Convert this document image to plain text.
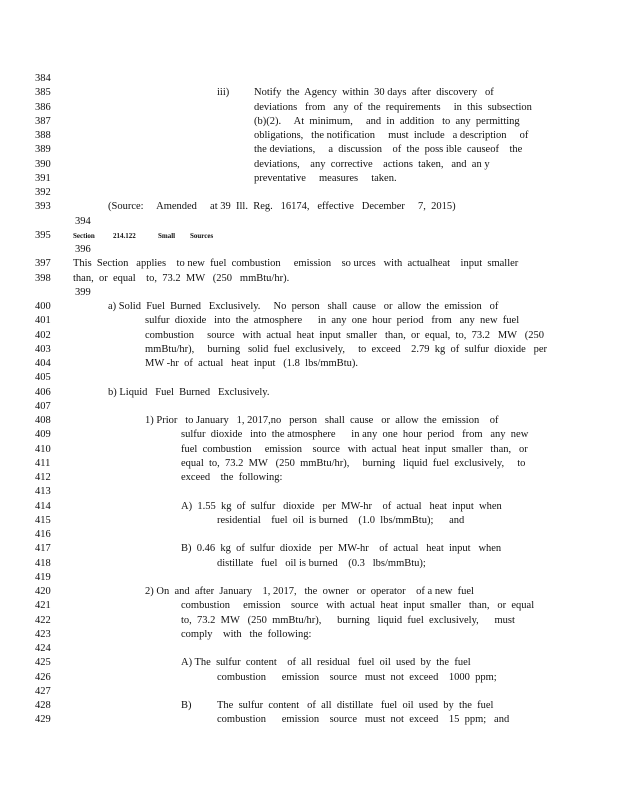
384
385	iii) Notify  the  Agency  within  30 days  after  discovery   of
386	deviations   from   any  of  the  requirements     in  this  subsection
387	(b)(2).     At  minimum,     and  in  addition   to  any  permitting
388	obligations,   the notification     must  include   a description     of
389	the deviations,     a  discussion    of  the  poss ible  causeof    the
390	deviations,    any  corrective    actions  taken,   and  an y
391	preventative     measures     taken.
392
393	(Source:     Amended     at 39  Ill.  Reg.   16174,   effective   December     7,  2015)
394
395	Section	214.122	Small Sources
396
397 This  Section   applies    to new  fuel  combustion     emission    so urces   with  actualheat    input  smaller
398 than,  or  equal    to,  73.2  MW   (250   mmBtu/hr).
399
400	a) Solid  Fuel  Burned   Exclusively.     No  person   shall  cause   or  allow  the  emission   of
401	sulfur  dioxide   into  the  atmosphere      in  any  one  hour  period   from   any  new  fuel
402	combustion     source   with  actual  heat  input  smaller   than,  or  equal,  to,  73.2   MW   (250
403	mmBtu/hr),     burning   solid  fuel  exclusively,     to  exceed    2.79  kg  of  sulfur  dioxide   per
404	MW -hr  of  actual   heat  input   (1.8  lbs/mmBtu).
405
406	b) Liquid   Fuel  Burned   Exclusively.
407
408	1) Prior   to January   1, 2017,no   person   shall  cause   or  allow  the  emission    of
409	sulfur  dioxide   into  the atmosphere      in any  one  hour  period   from   any  new
410	fuel  combustion     emission    source   with  actual  heat  input  smaller   than,   or
411	equal  to,  73.2  MW   (250  mmBtu/hr),     burning   liquid  fuel  exclusively,     to
412	exceed    the  following:
413
414	A)  1.55  kg  of  sulfur   dioxide   per  MW-hr    of  actual   heat  input  when
415	residential    fuel  oil  is burned    (1.0  lbs/mmBtu);      and
416
417	B)  0.46  kg  of  sulfur  dioxide   per  MW-hr    of  actual   heat  input   when
418	distillate   fuel   oil is burned    (0.3   lbs/mmBtu);
419
420	2) On  and  after  January    1, 2017,   the  owner   or  operator    of a new  fuel
421	combustion     emission    source   with  actual  heat  input  smaller   than,   or  equal
422	to,  73.2  MW   (250  mmBtu/hr),      burning   liquid  fuel  exclusively,      must
423	comply    with   the  following:
424
425	A) The  sulfur  content    of  all  residual   fuel  oil  used  by  the  fuel
426	combustion      emission    source   must  not  exceed    1000  ppm;
427
428	B) The  sulfur  content   of  all  distillate   fuel  oil  used  by  the  fuel
429	combustion      emission    source   must  not  exceed    15  ppm;   and
